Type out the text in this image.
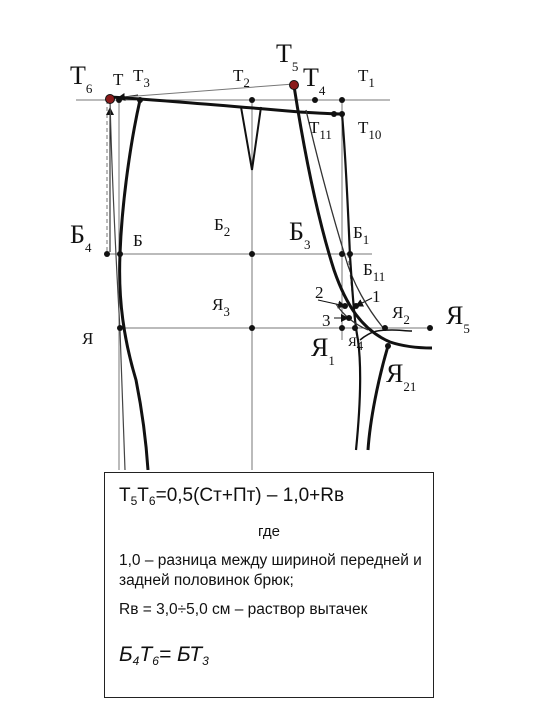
$Т_6$ Т $Т_3$	$Т_2$
$Т_5$ $Т_4$
$Т_1$
$Т_{11}$ $Т_{10}$
$Б_4$ Б
$Б_2$ $Б_3$
$Б_1$
$Б_{11}$
Я
$Я_3$	$Я_2$ $Я_5$
$Я_1$
Я4
$Я_{21}$
1
2
3
$Т_5Т_6=0,5(Ст+Пт) - 1,0+Rв$
где
1,0 – разница между шириной передней и задней половинок брюк;
Rв = 3,0÷5,0 см – раствор вытачек
Б4Т6= БТ3
